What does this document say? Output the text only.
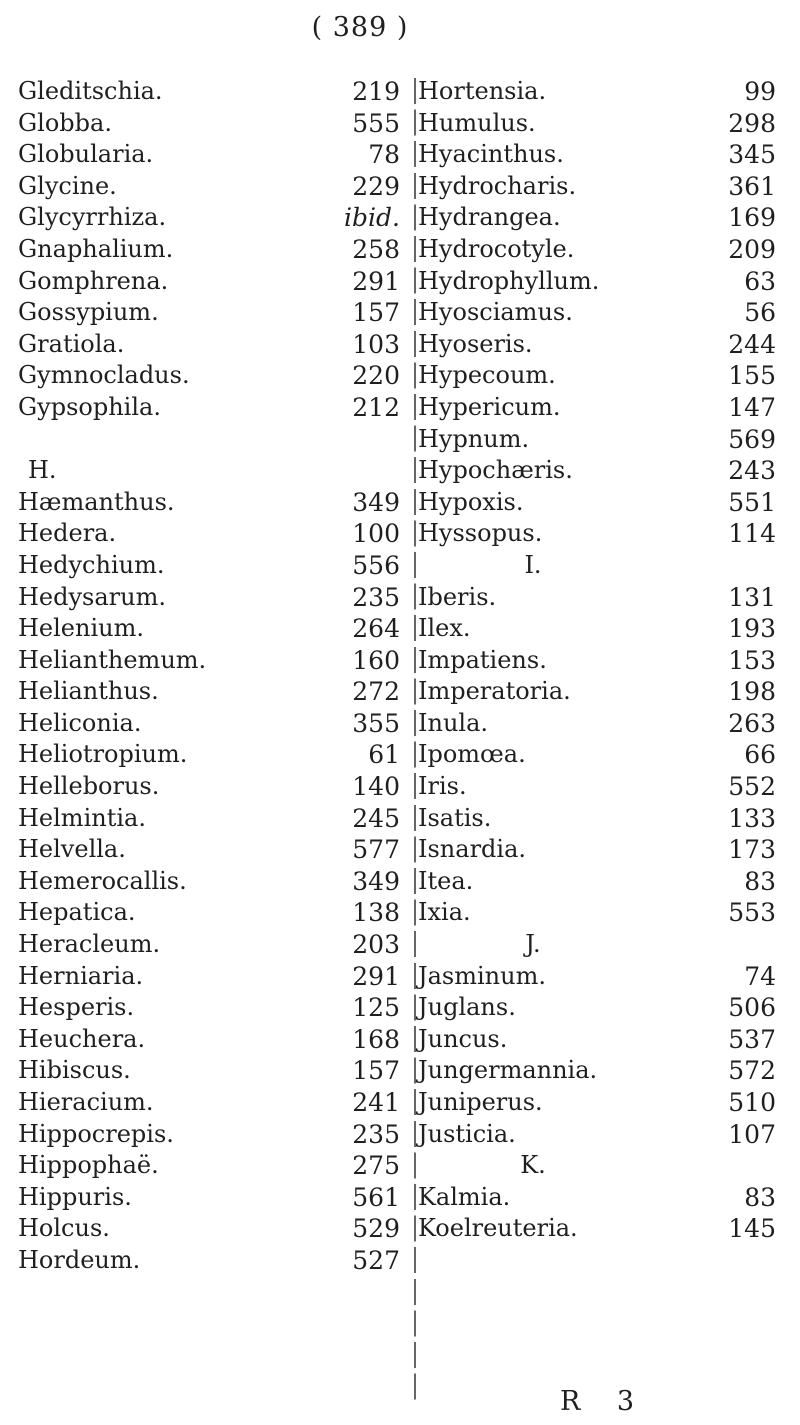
( 389 )
Gleditschia.	219
Globba.	555
Globularia.	78
Glycine.	229
Glycyrrhiza.	ibid.
Gnaphalium.	258
Gomphrena.	291
Gossypium.	157
Gratiola.	103
Gymnocladus.	220
Gypsophila.	212
H.
Hæmanthus.	349
Hedera.	100
Hedychium.	556
Hedysarum.	235
Helenium.	264
Helianthemum.	160
Helianthus.	272
Heliconia.	355
Heliotropium.	61
Helleborus.	140
Helmintia.	245
Helvella.	577
Hemerocallis.	349
Hepatica.	138
Heracleum.	203
Herniaria.	291
Hesperis.	125
Heuchera.	168
Hibiscus.	157
Hieracium.	241
Hippocrepis.	235
Hippophaë.	275
Hippuris.	561
Holcus.	529
Hordeum.	527
Hortensia.	99
Humulus.	298
Hyacinthus.	345
Hydrocharis.	361
Hydrangea.	169
Hydrocotyle.	209
Hydrophyllum.	63
Hyosciamus.	56
Hyoseris.	244
Hypecoum.	155
Hypericum.	147
Hypnum.	569
Hypochæris.	243
Hypoxis.	551
Hyssopus.	114
I.
Iberis.	131
Ilex.	193
Impatiens.	153
Imperatoria.	198
Inula.	263
Ipomœa.	66
Iris.	552
Isatis.	133
Isnardia.	173
Itea.	83
Ixia.	553
J.
Jasminum.	74
Juglans.	506
Juncus.	537
Jungermannia.	572
Juniperus.	510
Justicia.	107
K.
Kalmia.	83
Koelreuteria.	145
R 3
